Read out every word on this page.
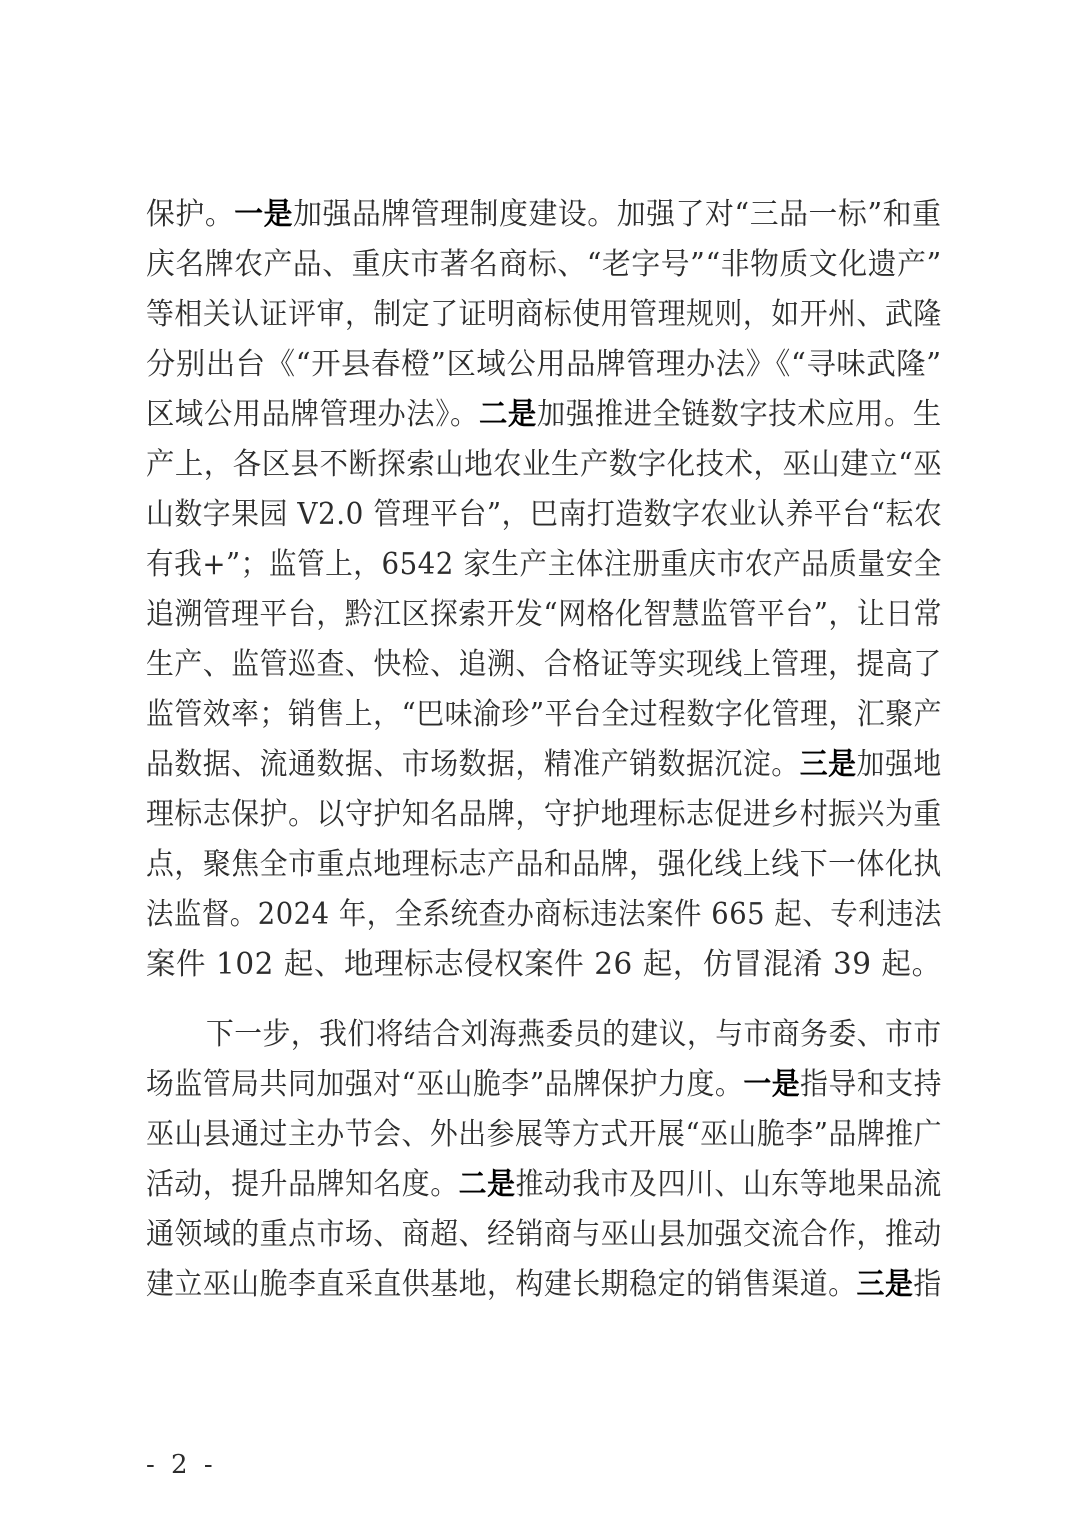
保护。一是加强品牌管理制度建设。加强了对“三品一标”和重
庆名牌农产品、重庆市著名商标、“老字号”“非物质文化遗产”
等相关认证评审，制定了证明商标使用管理规则，如开州、武隆
分别出台《“开县春橙”区域公用品牌管理办法》《“寻味武隆”
区域公用品牌管理办法》。二是加强推进全链数字技术应用。生
产上，各区县不断探索山地农业生产数字化技术，巫山建立“巫
山数字果园 V2.0 管理平台”，巴南打造数字农业认养平台“耘农
有我+”；监管上，6542 家生产主体注册重庆市农产品质量安全
追溯管理平台，黔江区探索开发“网格化智慧监管平台”，让日常
生产、监管巡查、快检、追溯、合格证等实现线上管理，提高了
监管效率；销售上，“巴味渝珍”平台全过程数字化管理，汇聚产
品数据、流通数据、市场数据，精准产销数据沉淀。三是加强地
理标志保护。以守护知名品牌，守护地理标志促进乡村振兴为重
点，聚焦全市重点地理标志产品和品牌，强化线上线下一体化执
法监督。2024 年，全系统查办商标违法案件 665 起、专利违法
案件 102 起、地理标志侵权案件 26 起，仿冒混淆 39 起。
下一步，我们将结合刘海燕委员的建议，与市商务委、市市
场监管局共同加强对“巫山脆李”品牌保护力度。一是指导和支持
巫山县通过主办节会、外出参展等方式开展“巫山脆李”品牌推广
活动，提升品牌知名度。二是推动我市及四川、山东等地果品流
通领域的重点市场、商超、经销商与巫山县加强交流合作，推动
建立巫山脆李直采直供基地，构建长期稳定的销售渠道。三是指
- 2 -
